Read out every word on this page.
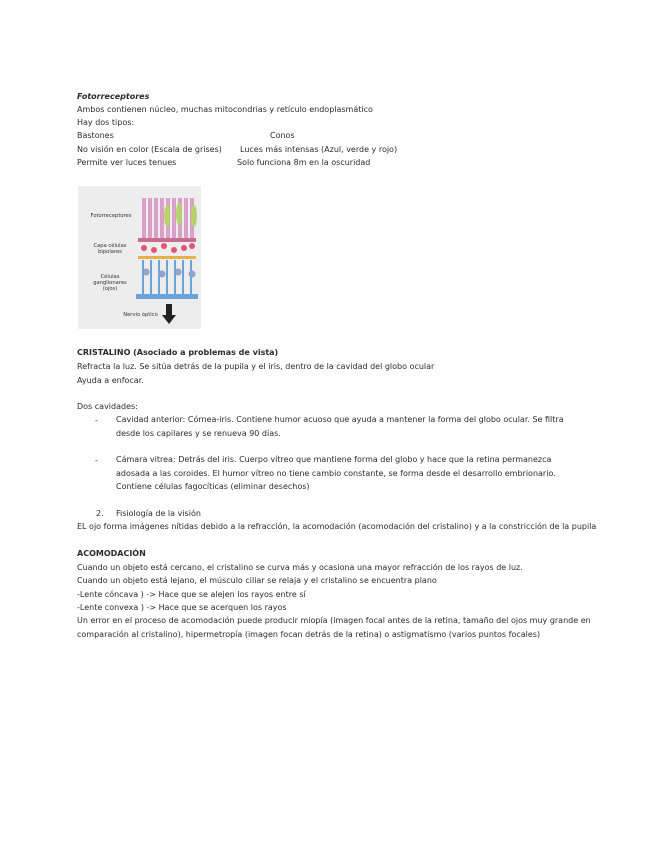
Fotorreceptores
Ambos contienen núcleo, muchas mitocondrias y retículo endoplasmático
Hay dos tipos:
Bastones	Conos
No visión en color (Escala de grises) Luces más intensas (Azul, verde y rojo)
Permite ver luces tenues	Solo funciona 8m en la oscuridad
Fotorreceptores
Capa células bipolares
Células ganglionares (ojos)
Nervio óptico
CRISTALINO (Asociado a problemas de vista)
Refracta la luz. Se sitúa detrás de la pupila y el iris, dentro de la cavidad del globo ocular
Ayuda a enfocar.
Dos cavidades:
- Cavidad anterior: Córnea-iris. Contiene humor acuoso que ayuda a mantener la forma del globo ocular. Se filtra desde los capilares y se renueva 90 días.
- Cámara vitrea: Detrás del iris. Cuerpo vítreo que mantiene forma del globo y hace que la retina permanezca adosada a las coroides. El humor vítreo no tiene cambio constante, se forma desde el desarrollo embrionario. Contiene células fagocíticas (eliminar desechos)
2. Fisiología de la visión
EL ojo forma imágenes nítidas debido a la refracción, la acomodación (acomodación del cristalino) y a la constricción de la pupila
ACOMODACIÓN
Cuando un objeto está cercano, el cristalino se curva más y ocasiona una mayor refracción de los rayos de luz.
Cuando un objeto está lejano, el músculo ciliar se relaja y el cristalino se encuentra plano
-Lente cóncava ) -> Hace que se alejen los rayos entre sí
-Lente convexa ) -> Hace que se acerquen los rayos
Un error en el proceso de acomodación puede producir miopía (imagen focal antes de la retina, tamaño del ojos muy grande en
comparación al cristalino), hipermetropía (imagen focan detrás de la retina) o astigmatismo (varios puntos focales)
